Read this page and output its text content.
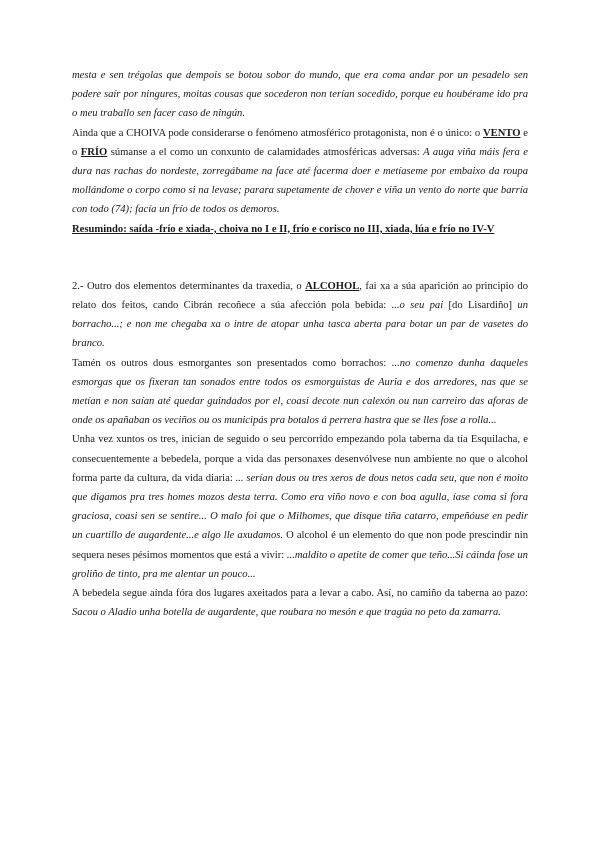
mesta e sen trégolas que dempois se botou sobor do mundo, que era coma andar por un pesadelo sen podere saír por ningures, moitas cousas que socederon non terían socedido, porque eu houbérame ido pra o meu traballo sen facer caso de ningún.

Ainda que a CHOIVA pode considerarse o fenómeno atmosférico protagonista, non é o único: o VENTO e o FRÍO súmanse a el como un conxunto de calamidades atmosféricas adversas: A auga viña máis fera e dura nas rachas do nordeste, zorregábame na face até facerma doer e metíaseme por embaixo da roupa mollándome o corpo como si na levase; parara supetamente de chover e viña un vento do norte que barría con todo (74); facía un frío de todos os demoros.

Resumindo: saída -frío e xiada-, choiva no I e II, frío e corisco no III, xiada, lúa e frío no IV-V

2.- Outro dos elementos determinantes da traxedia, o ALCOHOL, fai xa a súa aparición ao principio do relato dos feitos, cando Cibrán recoñece a súa afección pola bebida: ...o seu pai [do Lisardiño] un borracho...; e non me chegaba xa o intre de atopar unha tasca aberta para botar un par de vasetes do branco.

Tamén os outros dous esmorgantes son presentados como borrachos: ...no comenzo dunha daqueles esmorgas que os fixeran tan sonados entre todos os esmorguistas de Auria e dos arredores, nas que se metían e non saían até quedar guindados por el, coasi decote nun calexón ou nun carreiro das aforas de onde os apañaban os veciños ou os municipás pra botalos á perrera hastra que se lles fose a rolla...

Unha vez xuntos os tres, inician de seguido o seu percorrido empezando pola taberna da tía Esquilacha, e consecuentemente a bebedela, porque a vida das personaxes desenvólvese nun ambiente no que o alcohol forma parte da cultura, da vida diaria: ... serían dous ou tres xeros de dous netos cada seu, que non é moito que digamos pra tres homes mozos desta terra. Como era viño novo e con boa agulla, íase coma si fora graciosa, coasi sen se sentire... O malo foi que o Milhomes, que disque tiña catarro, empeñóuse en pedir un cuartillo de augardente...e algo lle axudamos. O alcohol é un elemento do que non pode prescindir nin sequera neses pésimos momentos que está a vivir: ...maldito o apetite de comer que teño...Si cáinda fose un groliño de tinto, pra me alentar un pouco...

A bebedela segue aínda fóra dos lugares axeitados para a levar a cabo. Así, no camiño da taberna ao pazo: Sacou o Aladio unha botella de augardente, que roubara no mesón e que tragúa no peto da zamarra.
